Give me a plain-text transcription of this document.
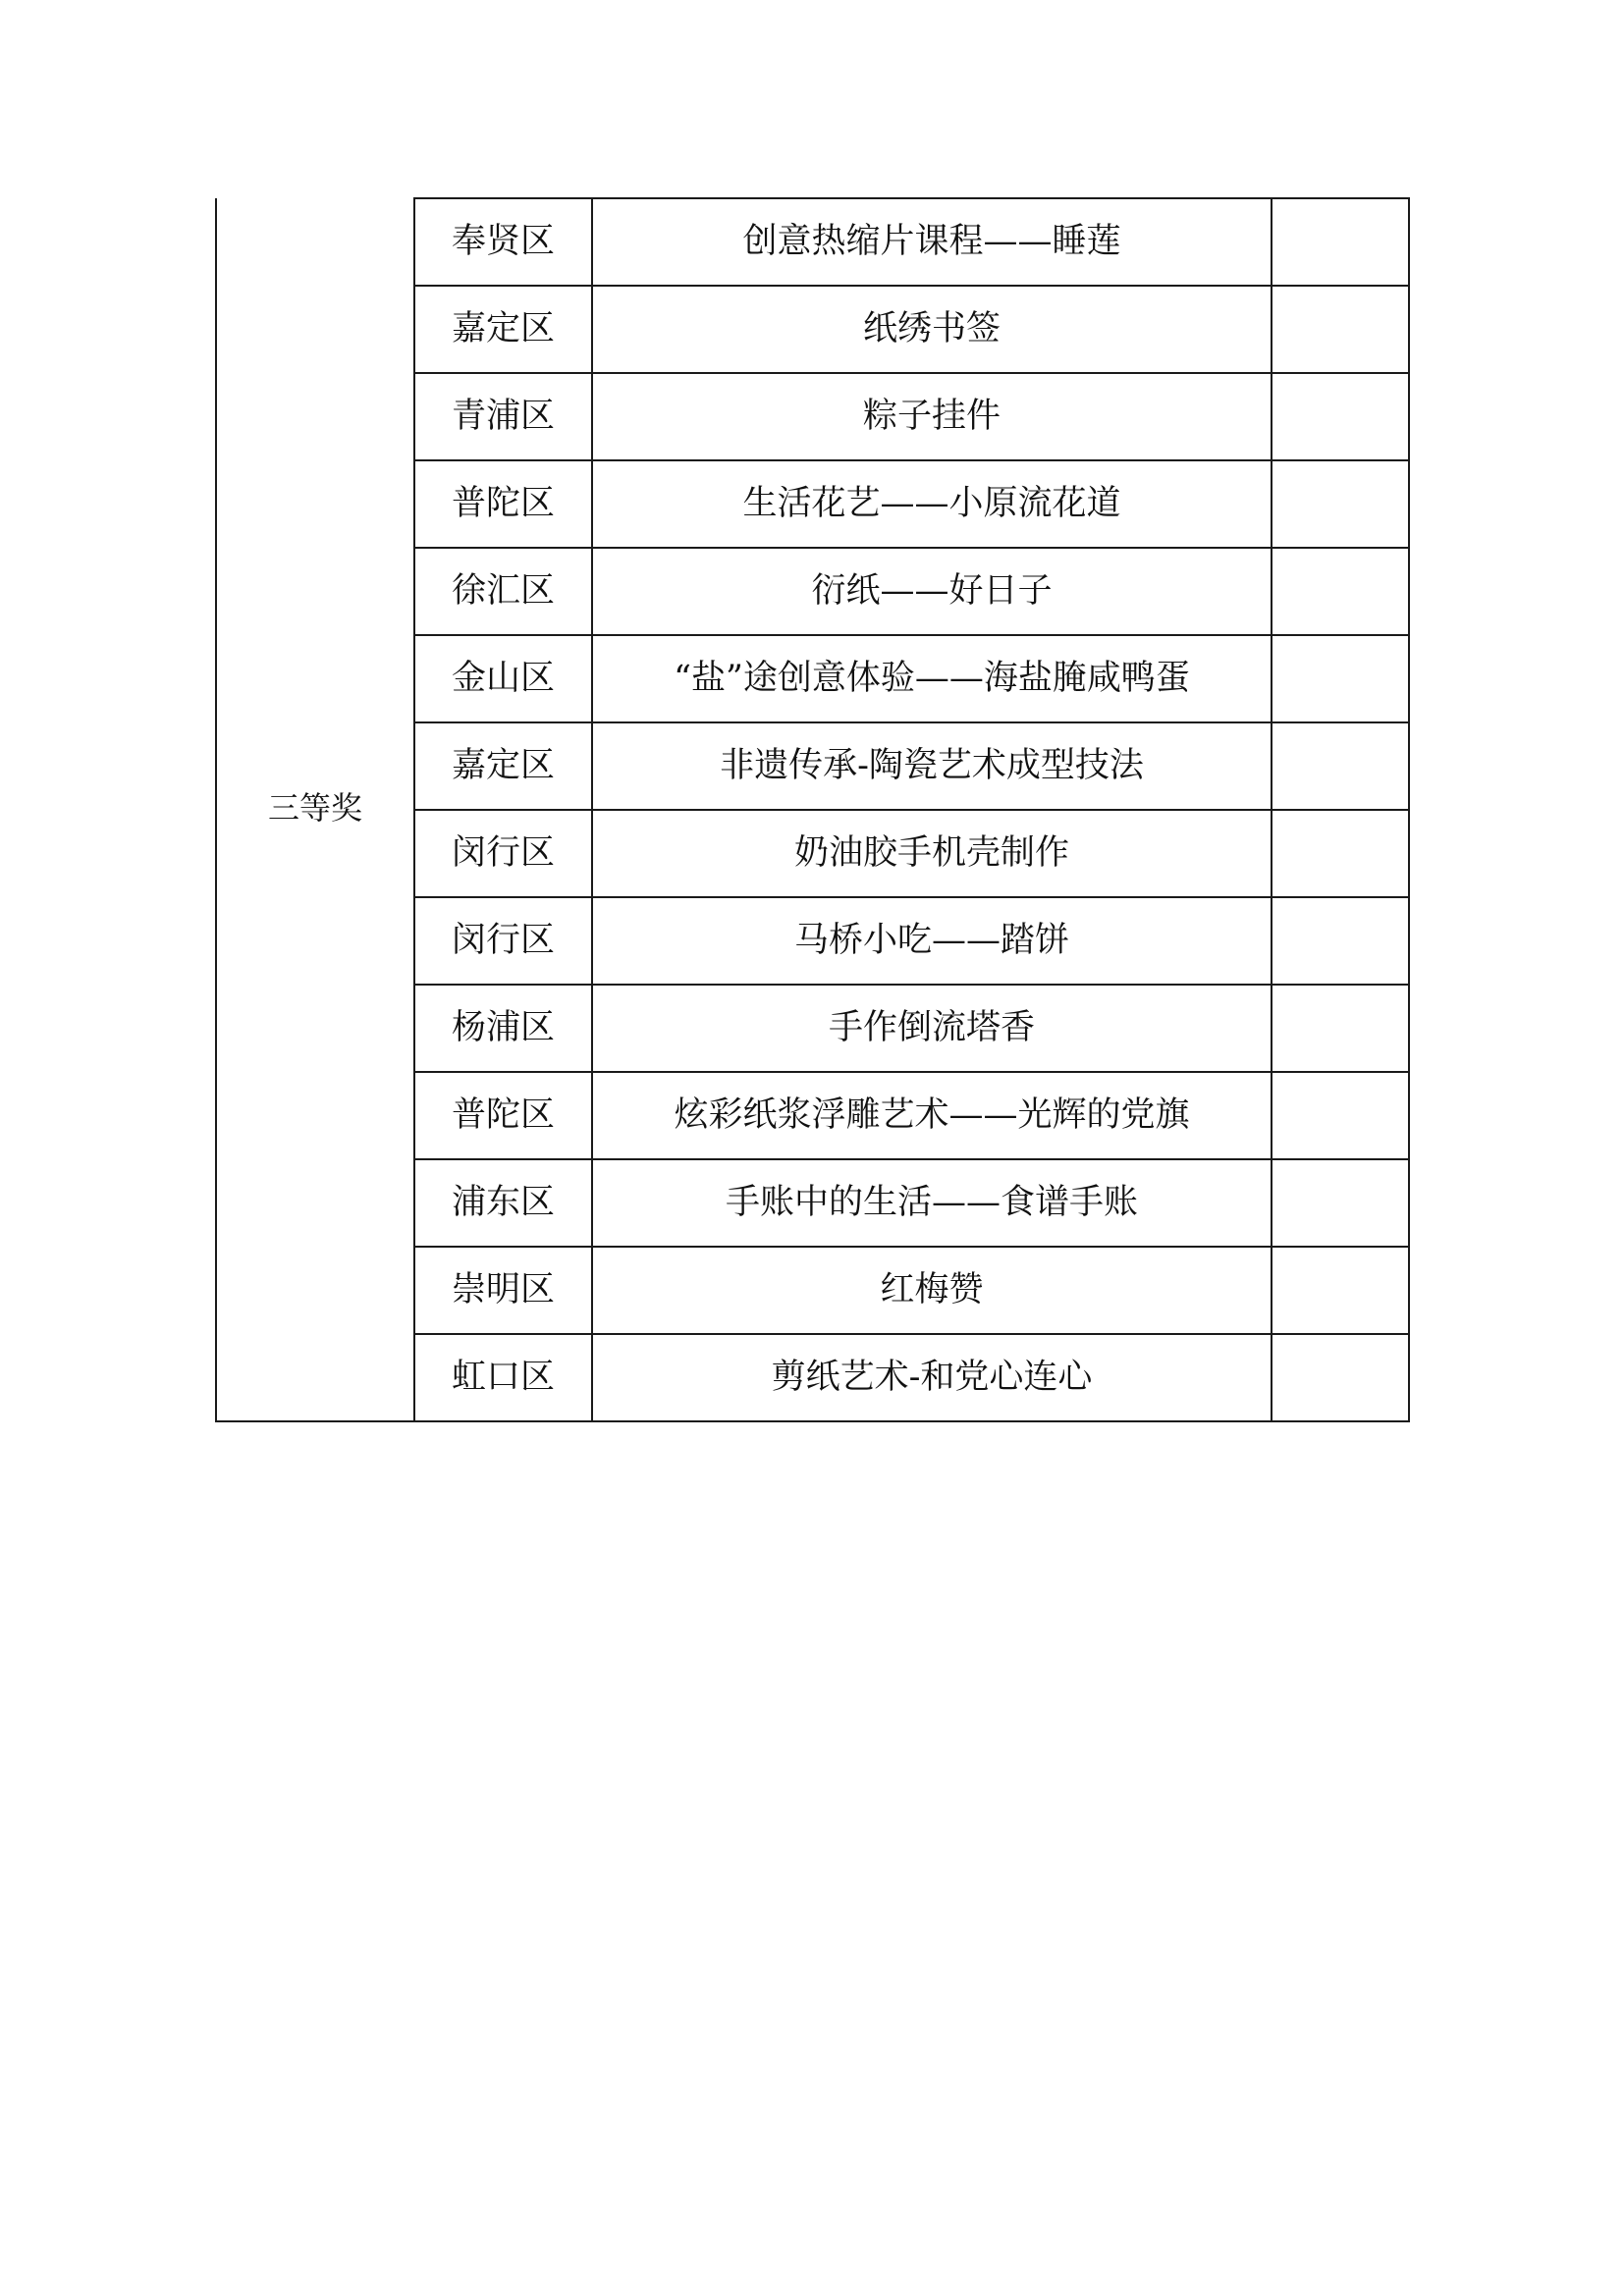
三等奖	奉贤区	创意热缩片课程——睡莲	
	嘉定区	纸绣书签	
	青浦区	粽子挂件	
	普陀区	生活花艺——小原流花道	
	徐汇区	衍纸——好日子	
	金山区	“盐”途创意体验——海盐腌咸鸭蛋	
	嘉定区	非遗传承-陶瓷艺术成型技法	
	闵行区	奶油胶手机壳制作	
	闵行区	马桥小吃——踏饼	
	杨浦区	手作倒流塔香	
	普陀区	炫彩纸浆浮雕艺术——光辉的党旗	
	浦东区	手账中的生活——食谱手账	
	崇明区	红梅赞	
	虹口区	剪纸艺术-和党心连心	
